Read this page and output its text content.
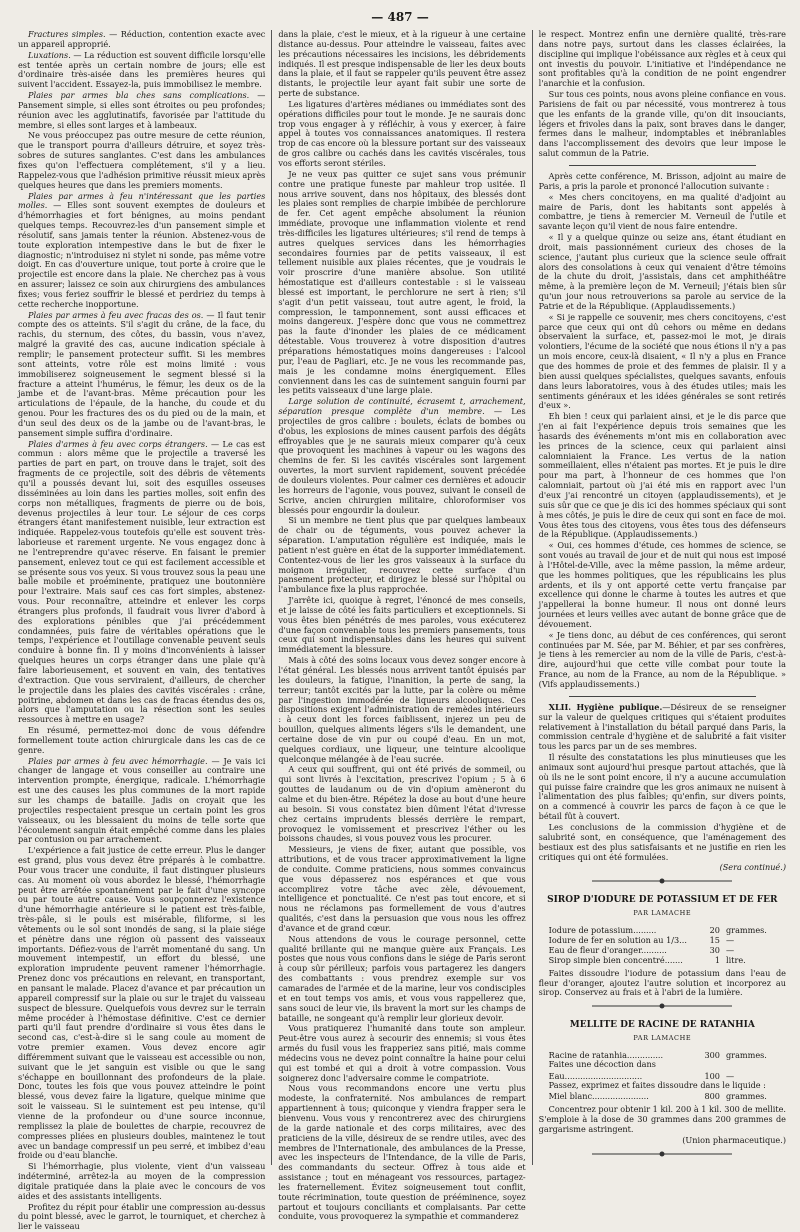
— 487 —

Fractures simples. — Réduction, contention exacte avec un appareil approprié.

Luxations. — La réduction est souvent difficile lorsqu'elle est tentée après un certain nombre de jours; elle est d'ordinaire très-aisée dans les premières heures qui suivent l'accident. Essayez-la, puis immobilisez le membre.

Plaies par armes bla ches sans complications. — Pansement simple, si elles sont étroites ou peu profondes; réunion avec les agglutinatifs, favorisée par l'attitude du membre, si elles sont larges et à lambeaux.

Ne vous préoccupez pas outre mesure de cette réunion, que le transport pourra d'ailleurs détruire, et soyez très-sobres de sutures sanglantes. C'est dans les ambulances fixes qu'on l'effectuera complétement, s'il y a lieu. Rappelez-vous que l'adhésion primitive réussit mieux après quelques heures que dans les premiers moments.

Plaies par armes à feu n'intéressant que les parties molles. — Elles sont souvent exemptes de douleurs et d'hémorrhagies et fort bénignes, au moins pendant quelques temps. Recouvrez-les d'un pansement simple et résolutif, sans jamais tenter la réunion. Abstenez-vous de toute exploration intempestive dans le but de fixer le diagnostic; n'introduisez ni stylet ni sonde, pas même votre doigt. En cas d'ouverture unique, tout porte à croire que le projectile est encore dans la plaie. Ne cherchez pas à vous en assurer; laissez ce soin aux chirurgiens des ambulances fixes; vous feriez souffrir le blessé et perdriez du temps à cette recherche inopportune.

Plaies par armes à feu avec fracas des os. — Il faut tenir compte des os atteints. S'il s'agit du crâne, de la face, du rachis, du sternum, des côtes, du bassin, vous n'avez, malgré la gravité des cas, aucune indication spéciale à remplir; le pansement protecteur suffit. Si les membres sont atteints, votre rôle est moins limité : vous immobiliserez soigneusement le segment blessé si la fracture a atteint l'humérus, le fémur, les deux os de la jambe et de l'avant-bras. Même précaution pour les articulations de l'épaule, de la hanche, du coude et du genou. Pour les fractures des os du pied ou de la main, et d'un seul des deux os de la jambe ou de l'avant-bras, le pansement simple suffira d'ordinaire.

Plaies d'armes à feu avec corps étrangers. — Le cas est commun : alors même que le projectile a traversé les parties de part en part, on trouve dans le trajet, soit des fragments de ce projectile, soit des débris de vêtements qu'il a poussés devant lui, soit des esquilles osseuses disséminées au loin dans les parties molles, soit enfin des corps non métalliques, fragments de pierre ou de bois, devenus projectiles à leur tour. Le séjour de ces corps étrangers étant manifestement nuisible, leur extraction est indiquée. Rappelez-vous toutefois qu'elle est souvent très-laborieuse et rarement urgente. Ne vous engagez donc à ne l'entreprendre qu'avec réserve. En faisant le premier pansement, enlevez tout ce qui est facilement accessible et se présente sous vos yeux. Si vous trouvez sous la peau une balle mobile et proéminente, pratiquez une boutonnière pour l'extraire. Mais sauf ces cas fort simples, abstenez-vous. Pour reconnaître, atteindre et enlever les corps étrangers plus profonds, il faudrait vous livrer d'abord à des explorations pénibles que j'ai précédemment condamnées, puis faire de véritables opérations que le temps, l'expérience et l'outillage convenable peuvent seuls conduire à bonne fin. Il y moins d'inconvénients à laisser quelques heures un corps étranger dans une plaie qu'à faire laborieusement, et souvent en vain, des tentatives d'extraction. Que vous serviraient, d'ailleurs, de chercher le projectile dans les plaies des cavités viscérales : crâne, poitrine, abdomen et dans les cas de fracas étendus des os, alors que l'amputation ou la résection sont les seules ressources à mettre en usage?

En résumé, permettez-moi donc de vous défendre formellement toute action chirurgicale dans les cas de ce genre.

Plaies par armes à feu avec hémorrhagie. — Je vais ici changer de langage et vous conseiller au contraire une intervention prompte, énergique, radicale. L'hémorrhagie est une des causes les plus communes de la mort rapide sur les champs de bataille. Jadis on croyait que les projectiles respectaient presque un certain point les gros vaisseaux, ou les blessaient du moins de telle sorte que l'écoulement sanguin était empêché comme dans les plaies par contusion ou par arrachement.

L'expérience a fait justice de cette erreur. Plus le danger est grand, plus vous devez être préparés à le combattre. Pour vous tracer une conduite, il faut distinguer plusieurs cas. Au moment où vous abordez le blessé, l'hémorrhagie peut être arrêtée spontanément par le fait d'une syncope ou par toute autre cause. Vous soupçonnerez l'existence d'une hémorrhagie antérieure si le patient est très-faible, très-pâle, si le pouls est misérable, filiforme, si les vêtements ou le sol sont inondés de sang, si la plaie siége et pénètre dans une région où passent des vaisseaux importants. Défiez-vous de l'arrêt momentané du sang. Un mouvement intempestif, un effort du blessé, une exploration imprudente peuvent ramener l'hémorrhagie. Prenez donc vos précautions en relevant, en transportant, en pansant le malade. Placez d'avance et par précaution un appareil compressif sur la plaie ou sur le trajet du vaisseau suspect de blessure. Quelquefois vous devrez sur le terrain même procéder à l'hémostase définitive. C'est ce dernier parti qu'il faut prendre d'ordinaire si vous êtes dans le second cas, c'est-à-dire si le sang coule au moment de votre premier examen. Vous devez encore agir différemment suivant que le vaisseau est accessible ou non, suivant que le jet sanguin est visible ou que le sang s'échappe en bouillonnant des profondeurs de la plaie. Donc, toutes les fois que vous pouvez atteindre le point blessé, vous devez faire la ligature, quelque minime que soit le vaisseau. Si le suintement est peu intense, qu'il vienne de la profondeur ou d'une source inconnue, remplissez la plaie de boulettes de charpie, recouvrez de compresses pliées en plusieurs doubles, maintenez le tout avec un bandage compressif un peu serré, et imbibez d'eau froide ou d'eau blanche.

Si l'hémorrhagie, plus violente, vient d'un vaisseau indéterminé, arrêtez-la au moyen de la compression digitale pratiquée dans la plaie avec le concours de vos aides et des assistants intelligents.

Profitez du répit pour établir une compression au-dessus du point blessé, avec le garrot, le tourniquet, et cherchez à lier le vaisseau

dans la plaie, c'est le mieux, et à la rigueur à une certaine distance au-dessus. Pour atteindre le vaisseau, faites avec les précautions nécessaires les incisions, les débridements indiqués. Il est presque indispensable de lier les deux bouts dans la plaie, et il faut se rappeler qu'ils peuvent être assez distants, le projectile leur ayant fait subir une sorte de perte de substance.

Les ligatures d'artères médianes ou immédiates sont des opérations difficiles pour tout le monde. Je ne saurais donc trop vous engager à y réfléchir, à vous y exercer, à faire appel à toutes vos connaissances anatomiques. Il restera trop de cas encore où la blessure portant sur des vaisseaux de gros calibre ou cachés dans les cavités viscérales, tous vos efforts seront stériles.

Je ne veux pas quitter ce sujet sans vous prémunir contre une pratique funeste par mahleur trop usitée. Il nous arrive souvent, dans nos hôpitaux, des blessés dont les plaies sont remplies de charpie imbibée de perchlorure de fer. Cet agent empêche absolument la réunion immédiate, provoque une inflammation violente et rend très-difficiles les ligatures ultérieures; s'il rend de temps à autres quelques services dans les hémorrhagies secondaires fournies par de petits vaisseaux, il est tellement nuisible aux plaies récentes, que je voudrais le voir proscrire d'une manière absolue. Son utilité hémostatique est d'ailleurs contestable : si le vaisseau blessé est important, le perchlorure ne sert à rien; s'il s'agit d'un petit vaisseau, tout autre agent, le froid, la compression, le tamponnement, sont aussi efficaces et moins dangereux. J'espère donc que vous ne commettrez pas la faute d'inonder les plaies de ce médicament détestable. Vous trouverez à votre disposition d'autres préparations hémostatiques moins dangereuses : l'alcool pur, l'eau de Pagliari, etc. Je ne vous les recommande pas, mais je les condamne moins énergiquement. Elles conviennent dans les cas de suintement sanguin fourni par les petits vaisseaux d'une large plaie.

Large solution de continuité, écrasemt t, arrachement, séparation presque complète d'un membre. — Les projectiles de gros calibre : boulets, éclats de bombes ou d'obus, les explosions de mines causent parfois des dégâts effroyables que je ne saurais mieux comparer qu'à ceux que provoquent les machines à vapeur ou les wagons des chemins de fer. Si les cavités viscérales sont largement ouvertes, la mort survient rapidement, souvent précédée de douleurs violentes. Pour calmer ces dernières et adoucir les horreurs de l'agonie, vous pouvez, suivant le conseil de Scrive, ancien chirurgien militaire, chloroformiser vos blessés pour engourdir la douleur.

Si un membre ne tient plus que par quelques lambeaux de chair ou de téguments, vous pouvez achever la séparation. L'amputation régulière est indiquée, mais le patient n'est guère en état de la supporter immédiatement. Contentez-vous de lier les gros vaisseaux à la surface du moignon irrégulier, recouvrez cette surface d'un pansement protecteur, et dirigez le blessé sur l'hôpital ou l'ambulance fixe la plus rapprochée.

J'arrête ici, quoique à regret, l'énoncé de mes conseils, et je laisse de côté les faits particuliers et exceptionnels. Si vous êtes bien pénétrés de mes paroles, vous exécuterez d'une façon convenable tous les premiers pansements, tous ceux qui sont indispensables dans les heures qui suivent immédiatement la blessure.

Mais à côté des soins locaux vous devez songer encore à l'état général. Les blessés nous arrivent tantôt épuisés par les douleurs, la fatigue, l'inanition, la perte de sang, la terreur; tantôt excités par la lutte, par la colère ou même par l'ingestion immodérée de liqueurs alcooliques. Ces dispositions exigent l'administration de remèdes intérieurs : à ceux dont les forces faiblissent, injerez un peu de bouillon, quelques aliments légers s'ils le demandent, une certaine dose de vin pur ou coupé d'eau. En un mot, quelques cordiaux, une liqueur, une teinture alcoolique quelconque mélangée à de l'eau sucrée.

A ceux qui souffrent, qui ont été privés de sommeil, ou qui sont livrés à l'excitation, prescrivez l'opium ; 5 à 6 gouttes de laudanum ou de vin d'opium amèneront du calme et du bien-être. Répétez la dose au bout d'une heure au besoin. Si vous constatez bien dûment l'état d'ivresse chez certains imprudents blessés derrière le rempart, provoquez le vomissement et prescrivez l'éther ou les boissons chaudes, si vous pouvez vous les procurer.

Messieurs, je viens de fixer, autant que possible, vos attributions, et de vous tracer approximativement la ligne de conduite. Comme praticiens, nous sommes convaincus que vous dépasserez nos espérances et que vous accomplirez votre tâche avec zèle, dévouement, intelligence et ponctualité. Ce n'est pas tout encore, et si nous ne réclamons pas formellement de vous d'autres qualités, c'est dans la persuasion que vous nous les offrez d'avance et de grand cœur.

Nous attendons de vous le courage personnel, cette qualité brillante qui ne manque guère aux Français. Les postes que nous vous confions dans le siége de Paris seront à coup sûr périlleux; parfois vous partagerez les dangers des combattants : vous prendrez exemple sur vos camarades de l'armée et de la marine, leur vos condisciples et en tout temps vos amis, et vous vous rappellerez que, sans souci de leur vie, ils bravent la mort sur les champs de bataille, ne songeant qu'à remplir leur glorieux devoir.

Vous pratiquerez l'humanité dans toute son ampleur. Peut-être vous aurez à secourir des ennemis; si vous êtes armés du fusil vous les frapperiez sans pitié, mais comme médecins vous ne devez point connaître la haine pour celui qui est tombé et qui a droit à votre compassion. Vous soignerez donc l'adversaire comme le compatriote.

Nous vous recommandons encore une vertu plus modeste, la confraternité. Nos ambulances de rempart appartiennent à tous; quiconque y viendra frapper sera le bienvenu. Vous vous y rencontrerez avec des chirurgiens de la garde nationale et des corps militaires, avec des praticiens de la ville, désireux de se rendre utiles, avec des membres de l'Internationale, des ambulances de la Presse, avec les inspecteurs de l'Intendance, de la ville de Paris, des commandants du secteur. Offrez à tous aide et assistance ; tout en ménageant vos ressources, partagez-les fraternellement. Évitez soigneusement tout conflit, toute récrimination, toute question de prééminence, soyez partout et toujours conciliants et complaisants. Par cette conduite, vous provoquerez la sympathie et commanderez

le respect. Montrez enfin une dernière qualité, très-rare dans notre pays, surtout dans les classes éclairées, la discipline qui implique l'obéissance aux règles et à ceux qui ont investis du pouvoir. L'initiative et l'indépendance ne sont profitables qu'à la condition de ne point engendrer l'anarchie et la confusion.

Sur tous ces points, nous avons pleine confiance en vous. Parisiens de fait ou par nécessité, vous montrerez à tous que les enfants de la grande ville, qu'on dit insouciants, légers et frivoles dans la paix, sont braves dans le danger, fermes dans le malheur, indomptables et inébranlables dans l'accomplissement des devoirs que leur impose le salut commun de la Patrie.

Après cette conférence, M. Brisson, adjoint au maire de Paris, a pris la parole et prononcé l'allocution suivante :

« Mes chers concitoyens, en ma qualité d'adjoint au maire de Paris, dont les habitants sont appelés à combattre, je tiens à remercier M. Verneuil de l'utile et savante leçon qu'il vient de nous faire entendre.

« Il y a quelque quinze ou seize ans, étant étudiant en droit, mais passionnément curieux des choses de la science, j'autant plus curieux que la science seule offrait alors des consolations à ceux qui venaient d'être témoins de la chute du droit, j'assistais, dans cet amphithéâtre même, à la première leçon de M. Verneuil; j'étais bien sûr qu'un jour nous retrouverions sa parole au service de la Patrie et de la République. (Applaudissements.)

« Si je rappelle ce souvenir, mes chers concitoyens, c'est parce que ceux qui ont dû cehors ou même en dedans observaient la surface, et, passez-moi le mot, je dirais volontiers, l'écume de la société que nous étions il n'y a pas un mois encore, ceux-là disaient, « Il n'y a plus en France que des hommes de proie et des femmes de plaisir. Il y a bien aussi quelques spécialistes, quelques savants, enfouis dans leurs laboratoires, vous à des études utiles; mais les sentiments généraux et les idées générales se sont retirés d'eux ».

Eh bien ! ceux qui parlaient ainsi, et je le dis parce que j'en ai fait l'expérience depuis trois semaines que les hasards des événements m'ont mis en collaboration avec les princes de la science, ceux qui parlaient ainsi calomniaient la France. Les vertus de la nation sommeillaient, elles n'étaient pas mortes. Et je puis le dire pour ma part, à l'honneur de ces hommes que l'on calomniait, partout où j'ai été mis en rapport avec l'un d'eux j'ai rencontré un citoyen (applaudissements), et je suis sûr que ce que je dis ici des hommes spéciaux qui sont à mes côtés, je puis le dire de ceux qui sont en face de moi. Vous êtes tous des citoyens, vous êtes tous des défenseurs de la République. (Applaudissements.)

« Oui, ces hommes d'étude, ces hommes de science, se sont voués au travail de jour et de nuit qui nous est imposé à l'Hôtel-de-Ville, avec la même passion, la même ardeur, que les hommes politiques, que les républicains les plus ardents, et ils y ont apporté cette vertu française par excellence qui donne le charme à toutes les autres et que j'appellerai la bonne humeur. Il nous ont donné leurs journées et leurs veilles avec autant de bonne grâce que de dévouement.

« Je tiens donc, au début de ces conférences, qui seront continuées par M. Sée, par M. Béhier, et par ses confrères, je tiens à les remercier au nom de la ville de Paris, c'est-à-dire, aujourd'hui que cette ville combat pour toute la France, au nom de la France, au nom de la République. » (Vifs applaudissements.)

XLII. Hygiène publique.—Désireux de se renseigner sur la valeur de quelques critiques qui s'étaient produites relativement à l'installation du bétail parqué dans Paris, la commission centrale d'hygiène et de salubrité a fait visiter tous les parcs par un de ses membres.

Il résulte des constatations les plus minutieuses que les animaux sont aujourd'hui presque partout attachés, que là où ils ne le sont point encore, il n'y a aucune accumulation qui puisse faire craindre que les gros animaux ne nuisent à l'alimentation des plus faibles; qu'enfin, sur divers points, on a commencé à couvrir les parcs de façon à ce que le bétail fût à couvert.

Les conclusions de la commission d'hygiène et de salubrité sont, en conséquence, que l'aménagement des bestiaux est des plus satisfaisants et ne justifie en rien les critiques qui ont été formulées.

(Sera continué.)

SIROP D'IODURE DE POTASSIUM ET DE FER
PAR LAMACHE
Iodure de potassium.........	20 grammes.
Iodure de fer en solution au 1/3...	15 —
Eau de fleur d'oranger..........	30 —
Sirop simple bien concentré.......	1 litre.

Faites dissoudre l'iodure de potassium dans l'eau de fleur d'oranger, ajoutez l'autre solution et incorporez au sirop. Conservez au frais et à l'abri de la lumière.

MELLITE DE RACINE DE RATANHIA
PAR LAMACHE
Racine de ratanhia..............	300 grammes.

Faites une décoction dans

Eau..............................	100 —

Passez, exprimez et faites dissoudre dans le liquide :

Miel blanc......................	800 grammes.

Concentrez pour obtenir 1 kil. 200 à 1 kil. 300 de mellite. S'emploie à la dose de 30 grammes dans 200 grammes de gargarisme astringent.

(Union pharmaceutique.)
